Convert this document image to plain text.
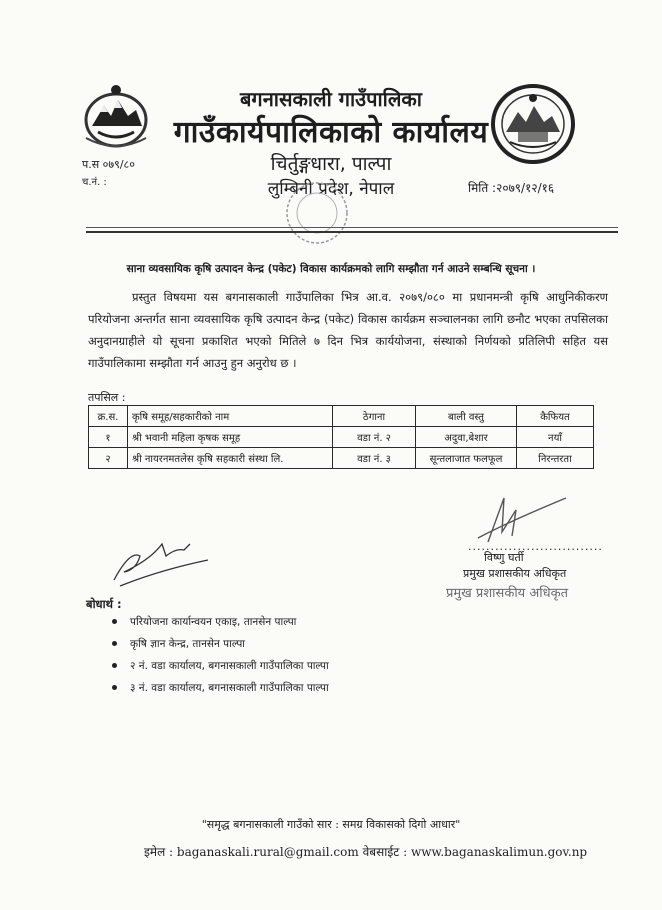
बगनासकाली गाउँपालिका
गाउँकार्यपालिकाको कार्यालय
चिर्तुङ्गधारा, पाल्पा
लुम्बिनी प्रदेश, नेपाल
प.स ०७९/८०
च.नं. :	मिति :२०७९/१२/१६
साना व्यवसायिक कृषि उत्पादन केन्द्र (पकेट) विकास कार्यक्रमको लागि सम्झौता गर्न आउने सम्बन्धि सूचना ।
प्रस्तुत विषयमा यस बगनासकाली गाउँपालिका भित्र आ.व. २०७९/०८० मा प्रधानमन्त्री कृषि आधुनिकीकरण परियोजना अन्तर्गत साना व्यवसायिक कृषि उत्पादन केन्द्र (पकेट) विकास कार्यक्रम सञ्चालनका लागि छनौट भएका तपसिलका अनुदानग्राहीले यो सूचना प्रकाशित भएको मितिले ७ दिन भित्र कार्ययोजना, संस्थाको निर्णयको प्रतिलिपी सहित यस गाउँपालिकामा सम्झौता गर्न आउनु हुन अनुरोध छ ।
तपसिल :
क्र.स.	कृषि समूह/सहकारीको नाम	ठेगाना	बाली वस्तु	कैफियत
१	श्री भवानी महिला कृषक समूह	वडा नं. २	अदुवा,बेशार	नयाँ
२	श्री नायरनमतलेस कृषि सहकारी संस्था लि.	वडा नं. ३	सून्तलाजात फलफूल	निरन्तरता
..............................
विष्णु घर्ती
प्रमुख प्रशासकीय अधिकृत
प्रमुख प्रशासकीय अधिकृत
बोधार्थ :
परियोजना कार्यान्वयन एकाइ, तानसेन पाल्पा
कृषि ज्ञान केन्द्र, तानसेन पाल्पा
२ नं. वडा कार्यालय, बगनासकाली गाउँपालिका पाल्पा
३ नं. वडा कार्यालय, बगनासकाली गाउँपालिका पाल्पा
"समृद्ध बगनासकाली गाउँको सार : समग्र विकासको दिगो आधार"
इमेल : baganaskali.rural@gmail.com वेबसाईट : www.baganaskalimun.gov.np
